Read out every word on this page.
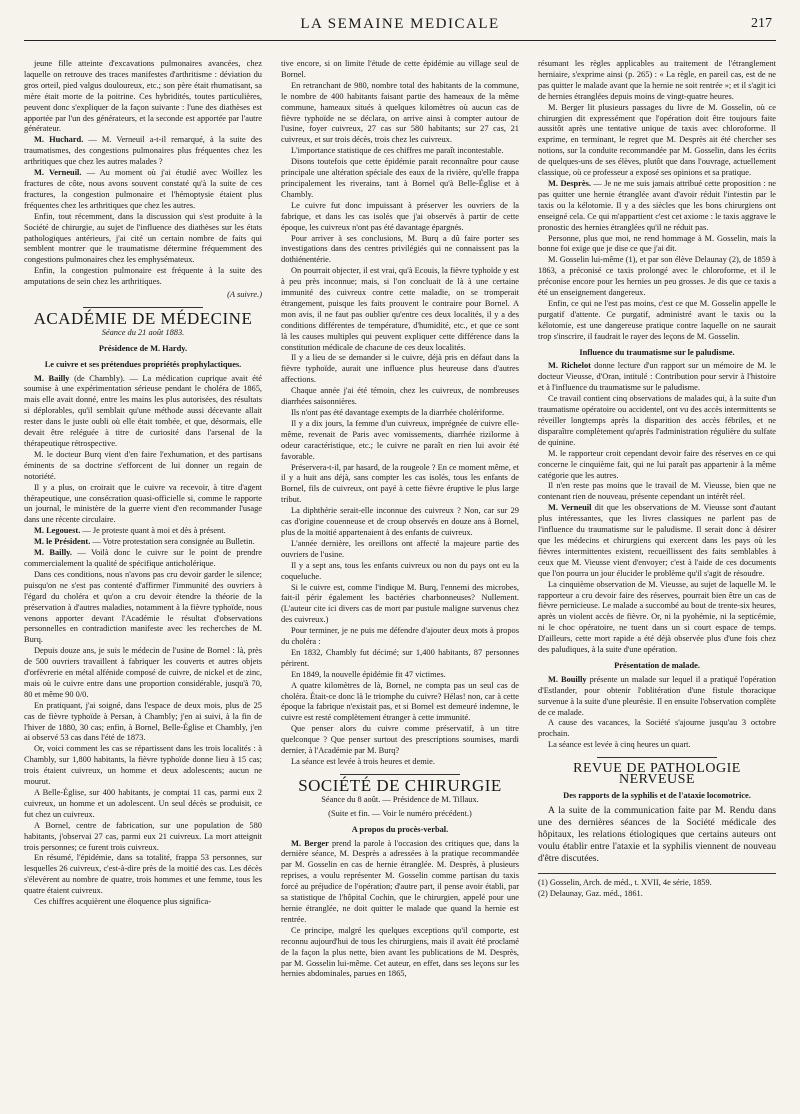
LA SEMAINE MEDICALE	217

jeune fille atteinte d'excavations pulmonaires avancées, chez laquelle on retrouve des traces manifestes d'arthritisme : déviation du gros orteil, pied valgus douloureux, etc.; son père était rhumatisant, sa mère était morte de la poitrine. Ces hybridités, toutes particulières, peuvent donc s'expliquer de la façon suivante : l'une des diathèses est apportée par l'un des générateurs, et la seconde est apportée par l'autre générateur.

M. Huchard. — M. Verneuil a-t-il remarqué, à la suite des traumatismes, des congestions pulmonaires plus fréquentes chez les arthritiques que chez les autres malades ?

M. Verneuil. — Au moment où j'ai étudié avec Woillez les fractures de côte, nous avons souvent constaté qu'à la suite de ces fractures, la congestion pulmonaire et l'hémoptysie étaient plus fréquentes chez les arthritiques que chez les autres.

Enfin, tout récemment, dans la discussion qui s'est produite à la Société de chirurgie, au sujet de l'influence des diathèses sur les états pathologiques antérieurs, j'ai cité un certain nombre de faits qui semblent montrer que le traumatisme détermine fréquemment des congestions pulmonaires chez les emphysémateux.

Enfin, la congestion pulmonaire est fréquente à la suite des amputations de sein chez les arthritiques.

(A suivre.)
ACADÉMIE DE MÉDECINE
Séance du 21 août 1883.
Présidence de M. Hardy.
Le cuivre et ses prétendues propriétés prophylactiques.

M. Bailly (de Chambly). — La médication cuprique avait été soumise à une expérimentation sérieuse pendant le choléra de 1865, mais elle avait donné, entre les mains les plus autorisées, des résultats si déplorables, qu'il semblait qu'une méthode aussi décevante allait rester dans le juste oubli où elle était tombée, et que, désormais, elle devait être reléguée à titre de curiosité dans l'arsenal de la thérapeutique rétrospective.

M. le docteur Burq vient d'en faire l'exhumation, et des partisans éminents de sa doctrine s'efforcent de lui donner un regain de notoriété.

Il y a plus, on croirait que le cuivre va recevoir, à titre d'agent thérapeutique, une consécration quasi-officielle si, comme le rapporte un journal, le ministère de la guerre vient d'en recommander l'usage dans une récente circulaire.

M. Legouest. — Je proteste quant à moi et dès à présent.

M. le Président. — Votre protestation sera consignée au Bulletin.

M. Bailly. — Voilà donc le cuivre sur le point de prendre commercialement la qualité de spécifique anticholérique.

Dans ces conditions, nous n'avons pas cru devoir garder le silence; puisqu'on ne s'est pas contenté d'affirmer l'immunité des ouvriers à l'égard du choléra et qu'on a cru devoir étendre la théorie de la préservation à d'autres maladies, notamment à la fièvre typhoïde, nous venons apporter devant l'Académie le résultat d'observations personnelles en contradiction manifeste avec les recherches de M. Burq.

Depuis douze ans, je suis le médecin de l'usine de Bornel : là, près de 500 ouvriers travaillent à fabriquer les couverts et autres objets d'orfèvrerie en métal alfénide composé de cuivre, de nickel et de zinc, mais où le cuivre entre dans une proportion considérable, jusqu'à 70, 80 et même 90 0/0.

En pratiquant, j'ai soigné, dans l'espace de deux mois, plus de 25 cas de fièvre typhoïde à Persan, à Chambly; j'en ai suivi, à la fin de l'hiver de 1880, 30 cas; enfin, à Bornel, Belle-Église et Chambly, j'en ai observé 53 cas dans l'été de 1873.

Or, voici comment les cas se répartissent dans les trois localités : à Chambly, sur 1,800 habitants, la fièvre typhoïde donne lieu à 15 cas; trois étaient cuivreux, un homme et deux adolescents; aucun ne mourut.

A Belle-Église, sur 400 habitants, je comptai 11 cas, parmi eux 2 cuivreux, un homme et un adolescent. Un seul décès se produisit, ce fut chez un cuivreux.

A Bornel, centre de fabrication, sur une population de 580 habitants, j'observai 27 cas, parmi eux 21 cuivreux. La mort atteignit trois personnes; ce furent trois cuivreux.

En résumé, l'épidémie, dans sa totalité, frappa 53 personnes, sur lesquelles 26 cuivreux, c'est-à-dire près de la moitié des cas. Les décès s'élevèrent au nombre de quatre, trois hommes et une femme, tous les quatre étaient cuivreux.

Ces chiffres acquièrent une éloquence plus significa-

tive encore, si on limite l'étude de cette épidémie au village seul de Bornel.

En retranchant de 980, nombre total des habitants de la commune, le nombre de 400 habitants faisant partie des hameaux de la même commune, hameaux situés à quelques kilomètres où aucun cas de fièvre typhoïde ne se déclara, on arrive ainsi à compter autour de l'usine, foyer cuivreux, 27 cas sur 580 habitants; sur 27 cas, 21 cuivreux, et sur trois décès, trois chez les cuivreux.

L'importance statistique de ces chiffres me paraît incontestable.

Disons toutefois que cette épidémie parait reconnaître pour cause principale une altération spéciale des eaux de la rivière, qu'elle frappa principalement les riverains, tant à Bornel qu'à Belle-Église et à Chambly.

Le cuivre fut donc impuissant à préserver les ouvriers de la fabrique, et dans les cas isolés que j'ai observés à partir de cette époque, les cuivreux n'ont pas été davantage épargnés.

Pour arriver à ses conclusions, M. Burq a dû faire porter ses investigations dans des centres privilégiés qui ne connaissent pas la dothiénentérie.

On pourrait objecter, il est vrai, qu'à Ecouis, la fièvre typhoïde y est à peu près inconnue; mais, si l'on concluait de là à une certaine immunité des cuivreux contre cette maladie, on se tromperait étrangement, puisque les faits prouvent le contraire pour Bornel. A mon avis, il ne faut pas oublier qu'entre ces deux localités, il y a des conditions différentes de température, d'humidité, etc., et que ce sont là les causes multiples qui peuvent expliquer cette différence dans la constitution médicale de chacune de ces deux localités.

Il y a lieu de se demander si le cuivre, déjà pris en défaut dans la fièvre typhoïde, aurait une influence plus heureuse dans d'autres affections.

Chaque année j'ai été témoin, chez les cuivreux, de nombreuses diarrhées saisonnières.

Ils n'ont pas été davantage exempts de la diarrhée cholériforme.

Il y a dix jours, la femme d'un cuivreux, imprégnée de cuivre elle-même, revenait de Paris avec vomissements, diarrhée rizilorme à odeur caractéristique, etc.; le cuivre ne paraît en rien lui avoir été favorable.

Préservera-t-il, par hasard, de la rougeole ? En ce moment même, et il y a huit ans déjà, sans compter les cas isolés, tous les enfants de Bornel, fils de cuivreux, ont payé à cette fièvre éruptive le plus large tribut.

La diphthérie serait-elle inconnue des cuivreux ? Non, car sur 29 cas d'origine couenneuse et de croup observés en douze ans à Bornel, plus de la moitié appartenaient à des enfants de cuivreux.

L'année dernière, les oreillons ont affecté la majeure partie des ouvriers de l'usine.

Il y a sept ans, tous les enfants cuivreux ou non du pays ont eu la coqueluche.

Si le cuivre est, comme l'indique M. Burq, l'ennemi des microbes, fait-il périr également les bactéries charbonneuses? Nullement. (L'auteur cite ici divers cas de mort par pustule maligne survenus chez des cuivreux.)

Pour terminer, je ne puis me défendre d'ajouter deux mots à propos du choléra :

En 1832, Chambly fut décimé; sur 1,400 habitants, 87 personnes périrent.

En 1849, la nouvelle épidémie fit 47 victimes.

A quatre kilomètres de là, Bornel, ne compta pas un seul cas de choléra. Était-ce donc là le triomphe du cuivre? Hélas! non, car à cette époque la fabrique n'existait pas, et si Bornel est demeuré indemne, le cuivre est resté complètement étranger à cette immunité.

Que penser alors du cuivre comme préservatif, à un titre quelconque ? Que penser surtout des prescriptions soumises, mardi dernier, à l'Académie par M. Burq?

La séance est levée à trois heures et demie.

SOCIÉTÉ DE CHIRURGIE
Séance du 8 août. — Présidence de M. Tillaux.
(Suite et fin. — Voir le numéro précédent.)
A propos du procès-verbal.

M. Berger prend la parole à l'occasion des critiques que, dans la dernière séance, M. Desprès a adressées à la pratique recommandée par M. Gosselin en cas de hernie étranglée. M. Desprès, à plusieurs reprises, a voulu représenter M. Gosselin comme partisan du taxis forcé au préjudice de l'opération; d'autre part, il pense avoir établi, par sa statistique de l'hôpital Cochin, que le chirurgien, appelé pour une hernie étranglée, ne doit quitter le malade que quand la hernie est rentrée.

Ce principe, malgré les quelques exceptions qu'il comporte, est reconnu aujourd'hui de tous les chirurgiens, mais il avait été proclamé de la façon la plus nette, bien avant les publications de M. Desprès, par M. Gosselin lui-même. Cet auteur, en effet, dans ses leçons sur les hernies abdominales, parues en 1865,

résumant les règles applicables au traitement de l'étranglement herniaire, s'exprime ainsi (p. 265) : « La règle, en pareil cas, est de ne pas quitter le malade avant que la hernie ne soit rentrée »; et il s'agit ici de hernies étranglées depuis moins de vingt-quatre heures.

M. Berger lit plusieurs passages du livre de M. Gosselin, où ce chirurgien dit expressément que l'opération doit être toujours faite aussitôt après une tentative unique de taxis avec chloroforme. Il exprime, en terminant, le regret que M. Desprès ait été chercher ses notions, sur la conduite recommandée par M. Gosselin, dans les écrits de quelques-uns de ses élèves, plutôt que dans l'ouvrage, actuellement classique, où ce professeur a exposé ses opinions et sa pratique.

M. Desprès. — Je ne me suis jamais attribué cette proposition : ne pas quitter une hernie étranglée avant d'avoir réduit l'intestin par le taxis ou la kélotomie. Il y a des siècles que les bons chirurgiens ont enseigné cela. Ce qui m'appartient c'est cet axiome : le taxis aggrave le pronostic des hernies étranglées qu'il ne réduit pas.

Personne, plus que moi, ne rend hommage à M. Gosselin, mais la bonne foi exige que je dise ce que j'ai dit.

M. Gosselin lui-même (1), et par son élève Delaunay (2), de 1859 à 1863, a préconisé ce taxis prolongé avec le chloroforme, et il le préconise encore pour les hernies un peu grosses. Je dis que ce taxis a été un enseignement dangereux.

Enfin, ce qui ne l'est pas moins, c'est ce que M. Gosselin appelle le purgatif d'attente. Ce purgatif, administré avant le taxis ou la kélotomie, est une dangereuse pratique contre laquelle on ne saurait trop s'inscrire, il faudrait le rayer des leçons de M. Gosselin.

Influence du traumatisme sur le paludisme.

M. Richelot donne lecture d'un rapport sur un mémoire de M. le docteur Vieusse, d'Oran, intitulé : Contribution pour servir à l'histoire et à l'influence du traumatisme sur le paludisme.

Ce travail contient cinq observations de malades qui, à la suite d'un traumatisme opératoire ou accidentel, ont vu des accès intermittents se réveiller longtemps après la disparition des accès fébriles, et ne disparaître complètement qu'après l'administration régulière du sulfate de quinine.

M. le rapporteur croit cependant devoir faire des réserves en ce qui concerne le cinquième fait, qui ne lui paraît pas appartenir à la même catégorie que les autres.

Il n'en reste pas moins que le travail de M. Vieusse, bien que ne contenant rien de nouveau, présente cependant un intérêt réel.

M. Verneuil dit que les observations de M. Vieusse sont d'autant plus intéressantes, que les livres classiques ne parlent pas de l'influence du traumatisme sur le paludisme. Il serait donc à désirer que les médecins et chirurgiens qui exercent dans les pays où les fièvres intermittentes existent, recueillissent des faits semblables à ceux que M. Vieusse vient d'envoyer; c'est à l'aide de ces documents que l'on pourra un jour élucider le problème qu'il s'agit de résoudre.

La cinquième observation de M. Vieusse, au sujet de laquelle M. le rapporteur a cru devoir faire des réserves, pourrait bien être un cas de fièvre pernicieuse. Le malade a succombé au bout de trente-six heures, après un violent accès de fièvre. Or, ni la pyohémie, ni la septicémie, ni le choc opératoire, ne tuent dans un si court espace de temps. D'ailleurs, cette mort rapide a été déjà observée plus d'une fois chez des paludiques, à la suite d'une opération.

Présentation de malade.

M. Bouilly présente un malade sur lequel il a pratiqué l'opération d'Estlander, pour obtenir l'oblitération d'une fistule thoracique survenue à la suite d'une pleurésie. Il en ensuite l'observation complète de ce malade.

A cause des vacances, la Société s'ajourne jusqu'au 3 octobre prochain.

La séance est levée à cinq heures un quart.

REVUE DE PATHOLOGIE NERVEUSE
Des rapports de la syphilis et de l'ataxie locomotrice.

A la suite de la communication faite par M. Rendu dans une des dernières séances de la Société médicale des hôpitaux, les relations étiologiques que certains auteurs ont voulu établir entre l'ataxie et la syphilis viennent de nouveau d'être discutées.

(1) Gosselin, Arch. de méd., t. XVII, 4e série, 1859.

(2) Delaunay, Gaz. méd., 1861.
